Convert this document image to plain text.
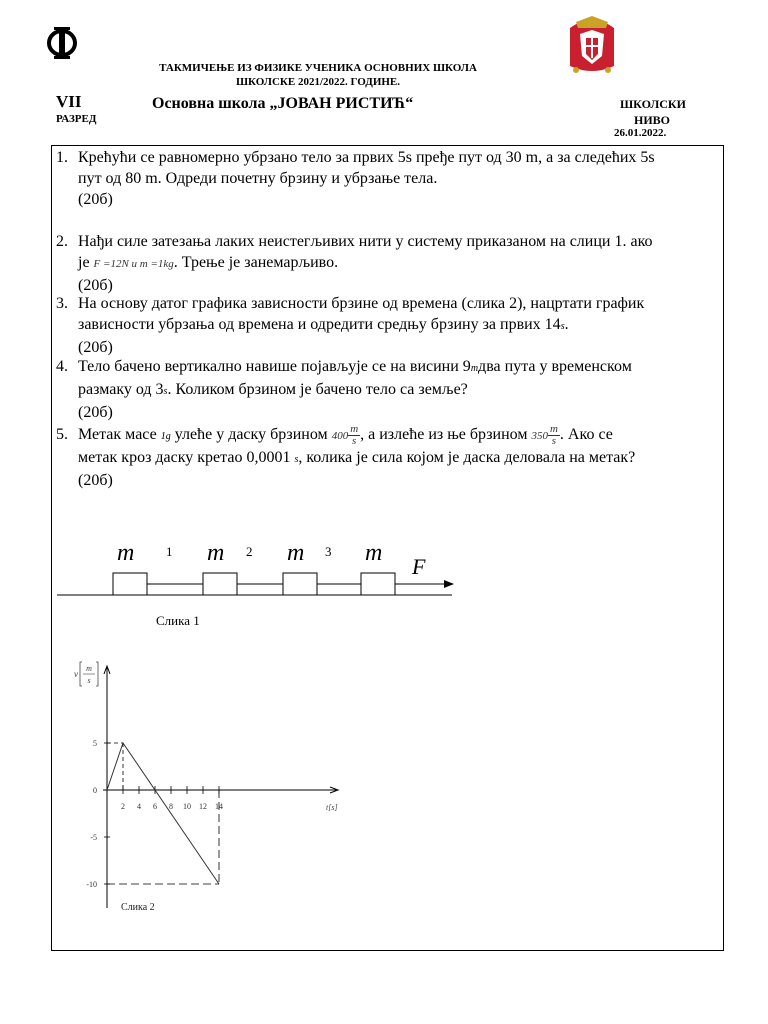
ТАКМИЧЕЊЕ ИЗ ФИЗИКЕ УЧЕНИКА ОСНОВНИХ ШКОЛА
ШКОЛСКЕ 2021/2022. ГОДИНЕ.
VII
РАЗРЕД
Основна школа „ЈОВАН РИСТИЋ“	ШКОЛСКИ
НИВО
26.01.2022.
1. Крећући се равномерно убрзано тело за првих 5s пређе пут од 30 m, а за следећих 5s
пут од 80 m. Одреди почетну брзину и убрзање тела.
(20б)
2. Нађи силе затезања лаких неистегљивих нити у систему приказаном на слици 1. ако
је F =12N и m =1kg. Трење је занемарљиво.
(20б)
3. На основу датог графика зависности брзине од времена (слика 2), нацртати график
зависности убрзања од времена и одредити средњу брзину за првих 14s.
(20б)
4. Тело бачено вертикално навише појављује се на висини 9mдва пута у временском
размаку од 3s. Коликом брзином је бачено тело са земље?
(20б)
5. Метак масе 1g улеће у даску брзином $400 \frac{m}{s}$ , а излеће из ње брзином $350 \frac{m}{s}$ . Ако се
метак кроз даску кретао 0,0001 s, колика је сила којом је даска деловала на метак?
(20б)
m	m	m	m
1	2	3
F
Слика 1
v
m
s
t[s]
2 4 6 8 10 12 14
5
0
-5
-10
Слика 2
